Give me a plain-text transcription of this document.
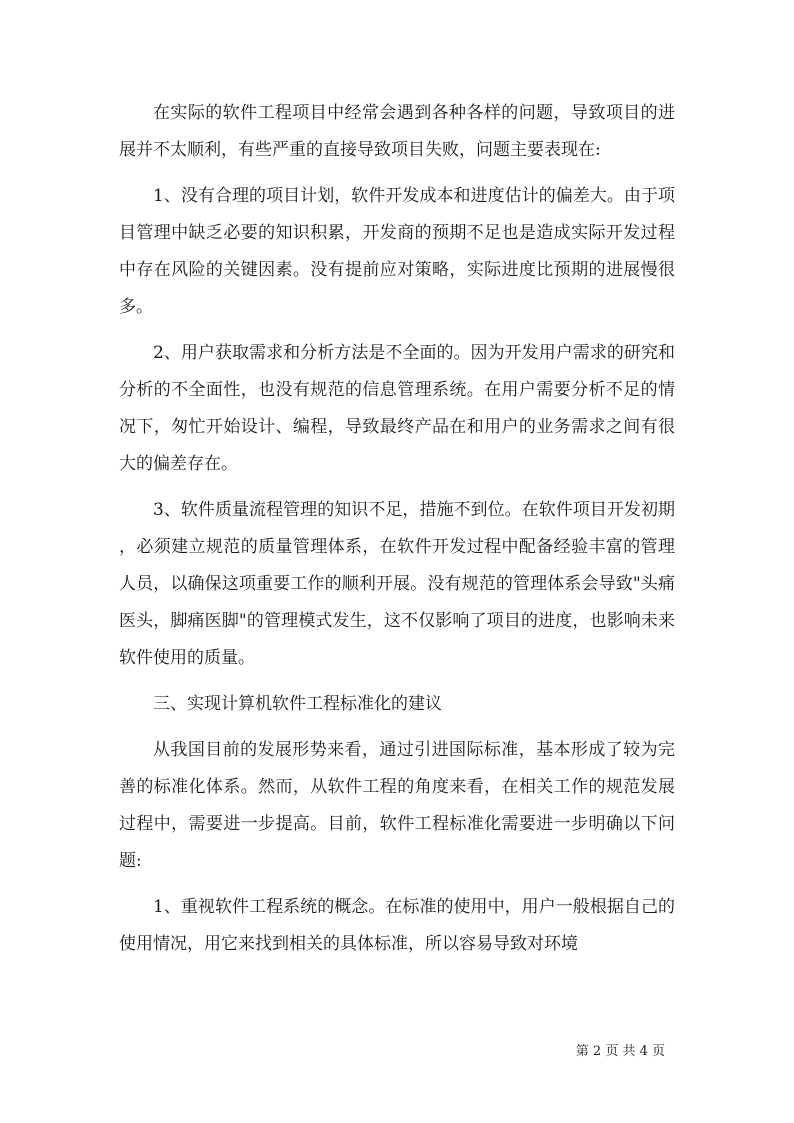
在实际的软件工程项目中经常会遇到各种各样的问题，导致项目的进展并不太顺利，有些严重的直接导致项目失败，问题主要表现在:

1、没有合理的项目计划，软件开发成本和进度估计的偏差大。由于项目管理中缺乏必要的知识积累，开发商的预期不足也是造成实际开发过程中存在风险的关键因素。没有提前应对策略，实际进度比预期的进展慢很多。

2、用户获取需求和分析方法是不全面的。因为开发用户需求的研究和分析的不全面性，也没有规范的信息管理系统。在用户需要分析不足的情况下，匆忙开始设计、编程，导致最终产品在和用户的业务需求之间有很大的偏差存在。

3、软件质量流程管理的知识不足，措施不到位。在软件项目开发初期，必须建立规范的质量管理体系，在软件开发过程中配备经验丰富的管理人员，以确保这项重要工作的顺利开展。没有规范的管理体系会导致"头痛医头，脚痛医脚"的管理模式发生，这不仅影响了项目的进度，也影响未来软件使用的质量。

三、实现计算机软件工程标准化的建议

从我国目前的发展形势来看，通过引进国际标准，基本形成了较为完善的标准化体系。然而，从软件工程的角度来看，在相关工作的规范发展过程中，需要进一步提高。目前，软件工程标准化需要进一步明确以下问题:

1、重视软件工程系统的概念。在标准的使用中，用户一般根据自己的使用情况，用它来找到相关的具体标准，所以容易导致对环境

第 2 页 共 4 页
